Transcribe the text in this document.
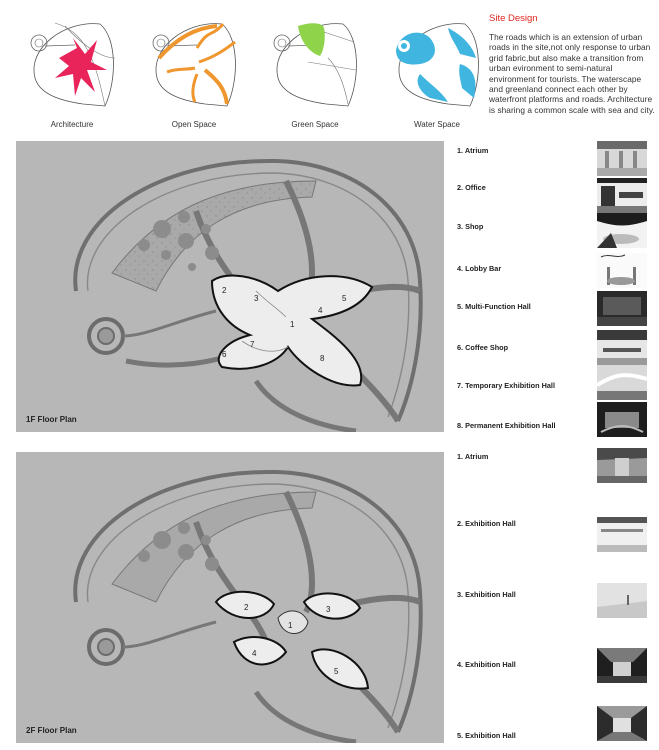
Architecture	Open Space	Green Space	Water Space
Site Design
The roads which is an extension of urban roads in the site,not only response to urban grid fabric,but also make a transition from urban evironment to semi-natural environment for tourists. The waterscape and greenland connect each other by waterfront platforms and roads. Architecture is sharing a common scale with sea and city.
2
3
1
4
5
6
7
8
1F Floor Plan
1
2	3
4
5
2F Floor Plan
1. Atrium
2. Office
3. Shop
4. Lobby Bar
5. Multi-Function Hall
6. Coffee Shop
7. Temporary Exhibition Hall
8. Permanent Exhibition Hall
1. Atrium
2. Exhibition Hall
3. Exhibition Hall
4. Exhibition Hall
5. Exhibition Hall
